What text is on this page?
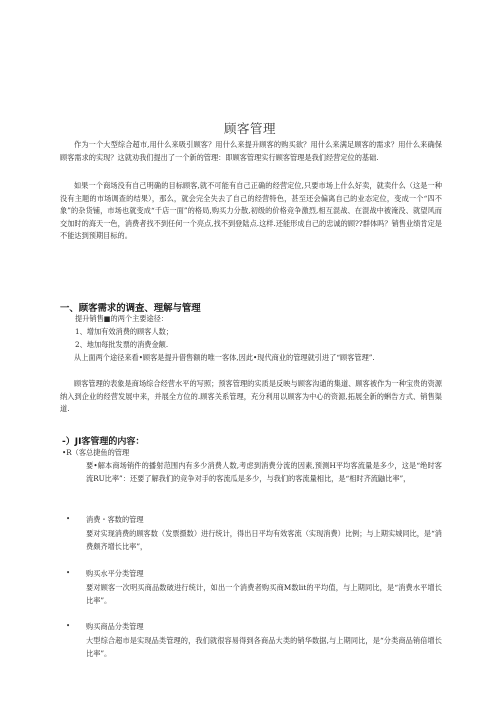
顾客管理

作为一个大型综合超市,用什么来吸引顾客？用什么来提升顾客的购买欲？用什么来满足顾客的需求？用什么来确保顾客需求的实现？这就劝我们提出了一个新的管理：即顾客管理实行顾客管理是我们经营定位的基础.

如果一个商场没有自己明确的目标顾客,就不可能有自己正确的经营定位,只要市场上什么好卖，就卖什么（这是一种没有主题的市场调查的结果），那么，就会完全失去了自己的经营特色，甚至还会偏离自己的业态定位，变成一个“四不象”的杂货铺，市场也就变成“千店一面”的格局,购买力分散,初级的价格竞争激烈,相互混战、在混战中被淹没、就望风而交加时的海天一色，消费者找不到任何一个亮点,找不到登陆点.这样.还能形成自己的忠诚的顾??群体吗？销售业绩肯定是不能达到预期目标的。

一、顾客需求的调查、理解与管理
提升销售■的两个主要途径：
1、增加有效消费的顾客人数；
2、地加每批发票的消费金额.

从上面两个途径来看•顾客是提升借售额的唯一客体,因此•现代商业的管理就引进了“顾客管理”.

顾客管理的表象是商场综合经营水平的写照；预客管理的实质是反映与顾客沟通的集道、顾客被作为一种宝贵的资源纳入到企业的经营发展中来，并展全方位的.顾客关系管理，充分利用以顾客为中心的资源,拓展全新的蝌告方式、销售渠道.

-）JI客管理的内容：
•R（客总捷鱼的管理

要•解本商场销件的播射范围内有多少消费人数,考虑到消费分流的因素,预测H平均客流量是多少，这是“绝时客流RU比率”：还要了解我们的竞争对手的客流瓜是多少，与我们的客流量相比，是“相时齐流鼬比率”，

• 消费・客数的管理

要对实现消费的顾客数（发票摄数）进行统计，得出日平均有效客流（实现消费）比例；与上期实城同比，是“消费颇齐增长比率”，

• 购买水平分类管理

要对顾客一次明买商品数破进行统计，如出一个消费者购买商M数lit的平均值，与上期同比，是“消费水平增长比率”。

• 购买商品分类管理

大型综合超市是实现品类管理的，我们就很容易得到各商品大类的销华数据,与上期同比，是“分类商品销倍增长比率”。
